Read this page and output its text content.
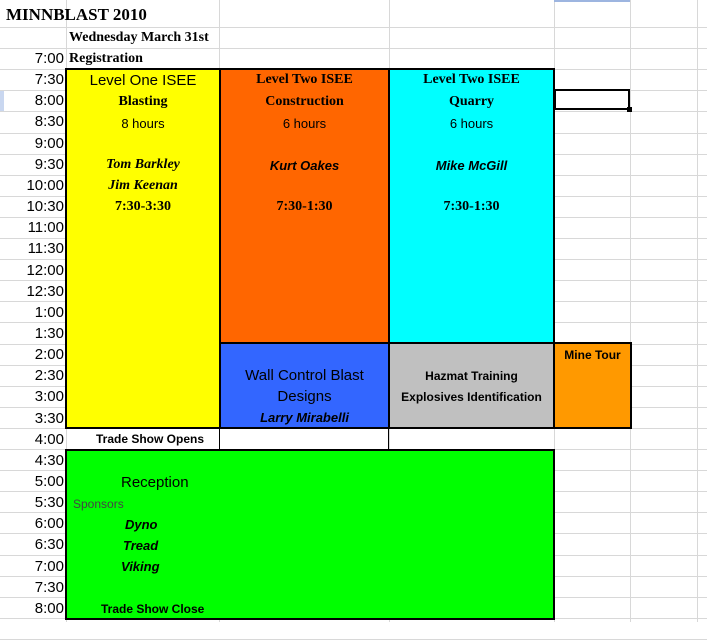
MINNBLAST 2010
Wednesday March 31st
Registration
7:00
7:30
8:00
8:30
9:00
9:30
10:00
10:30
11:00
11:30
12:00
12:30
1:00
1:30
2:00
2:30
3:00
3:30
4:00
4:30
5:00
5:30
6:00
6:30
7:00
7:30
8:00
Level One ISEE
Blasting
8 hours
Tom Barkley
Jim Keenan
7:30-3:30
Level Two ISEE
Construction
6 hours
Kurt Oakes
7:30-1:30
Level Two ISEE
Quarry
6 hours
Mike McGill
7:30-1:30
Wall Control Blast
Designs
Larry Mirabelli
Hazmat Training
Explosives Identification
Mine Tour
Trade Show Opens
Reception
Sponsors
Dyno
Tread
Viking
Trade Show Close
